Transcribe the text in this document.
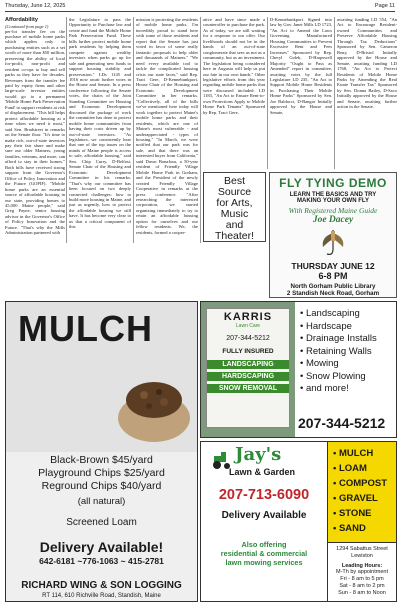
Thursday, June 12, 2025	Page 11
Affordability
(Continued from page 1)

per-lot transfer fee on the purchase of mobile home parks which applies only to purchasing entities such as a set worth of more than $50 million, preserving the ability of local for-profit, non-profit and resident co-ops to buy and sell parks as they have for decades. Revenues from the transfer fee paid by equity firms and other large-scale investor entities would go to a permanent 'Mobile Home Park Preservation Fund' to support residents at risk of displacement. "This bill helps protect affordable housing at a time when we need it most," said Sen. Bradstreet in remarks on the Senate floor. "It's time to make rich, out-of-state investors pay their fair share and make sure our older Mainers, young families, veterans, and more, can afford to stay in their homes." Both bills have received strong support from the Governor's Office of Policy Innovation and the Future (GOPIF). "Mobile home parks are an essential source of affordable housing in our state, providing homes to 45,000 Maine people," said Greg Payne, senior housing advisor in the Governor's Office of Policy Innovation and the Future. "That's why the Mills Administration partnered with

the Legislature to pass the Opportunity to Purchase law and create and fund the Mobile Home Park Preservation Fund. These bills further protect mobile home park residents by helping them compete against wealthy investors when parks go up for sale and generating new funds to support housing stability and preservation." LDs 1145 and 1016 now await further votes in the House and Senate. In a press conference following the Senate votes, the chairs of the Joint Standing Committee on Housing and Economic Development discussed the package of work the committee has done to protect mobile home communities from having their costs driven up by out-of-state investors. "As legislators, we consistently hear that one of the top issues on the minds of Maine people is access to safe, affordable housing," said Sen. Chip Curry, D-Belfast, Senate Chair of the Housing and Economic Development Committee in his remarks. "That's why our committee has been focused on two deeply connected challenges: how to build more housing in Maine, and just as urgently, how to protect the affordable housing we still have. It has become very clear to us that a critical component of this

mission is protecting the residents of mobile home parks. I'm incredibly proud to stand here with some of those residents and report that the Senate has just voted in favor of some really fantastic proposals to help older and thousands of Mainers." "We need every available tool to tackle the complicated housing crisis our state faces," said Rep. Traci Gere, D-Kennebunkport, House Chair of the Housing and Economic Development Committee in her remarks. "Collectively, all of the bills we've mentioned here today will work together to protect Maine's mobile home parks and their residents, which are one of Maine's most vulnerable - and underappreciated - types of housing." "In March, we were notified that our park was for sale, and that there was an interested buyer from California," said Dawn Bonafous, a 50-year resident of Friendly Village Mobile Home Park in Gorham, and the President of the newly created Friendly Village Cooperative in remarks at the press conference. "After researching the interested corporation, we started organizing immediately to try to retain an affordable housing option for ourselves and our fellow residents. We, the residents, formed a cooper-

ative and have since made a counteroffer to purchase the park. As of today, we are still waiting for a response to our offer. Our livelihoods should not be in the hands of an out-of-state conglomerate that sees us not as a community, but as an investment. The legislation being considered here in Augusta will help us put our fate in our own hands." Other legislative efforts from this year regarding mobile home parks that were discussed included: LD 1183, "An Act to Ensure Rent-to-own Protections Apply to Mobile Home Park Tenants" Sponsored by Rep. Traci Gere,

D-Kennebunkport Signed into law by Gov. Janet Mills LD 1723, "An Act to Amend the Laws Governing Manufactured Housing Communities to Prevent Excessive Rent and Fees Increases" Sponsored by Rep. Cheryl Golek, D-Harpswell Majority "Ought to Pass as Amended" report in committee, awaiting votes by the full Legislature LD 235, "An Act to Support Mobile Home Residents in Purchasing Their Mobile Home Parks" Sponsored by Sen. Joe Baldacci, D-Bangor Initially approved by the House and Senate,

awaiting funding LD 554, "An Act to Encourage Resident-owned Communities and Preserve Affordable Housing Through Tax Deductions" Sponsored by Sen. Cameron Reny, D-Bristol Initially approved by the House and Senate, awaiting funding LD 1768, "An Act to Protect Residents of Mobile Home Parks by Amending the Real Estate Transfer Tax" Sponsored by Sen. Donna Bailey, D-Saco Initially approved by the House and Senate, awaiting further action in the Senate.

Best
Source
for Arts,
Music
and
Theater!
FLY TYING DEMO
LEARN THE BASICS AND TRY
MAKING YOUR OWN FLY
With Registered Maine Guide
Joe Dacey
THURSDAY JUNE 12
6-8 PM
North Gorham Public Library
2 Standish Neck Road, Gorham
MULCH
Black-Brown $45/yard
Playground Chips $25/yard
Reground Chips $40/yard
(all natural)
Screened Loam
Delivery Available!
642-6181 ~776-1063 ~ 415-2781
RICHARD WING & SON LOGGING
RT 114, 610 Richville Road, Standish, Maine
KARRIS
Lawn Care
207-344-5212
FULLY INSURED
LANDSCAPING
HARDSCAPING
SNOW REMOVAL
• Landscaping
• Hardscape
• Drainage Installs
• Retaining Walls
• Mowing
• Snow Plowing
• and more!
207-344-5212
Jay's
Lawn & Garden
207-713-6090
Delivery Available
Also offering
residential & commercial
lawn mowing services
• MULCH
• LOAM
• COMPOST
• GRAVEL
• STONE
• SAND
1294 Sabattus Street
Lewiston
Leading Hours:
M-Th by appointment
Fri - 8 am to 5 pm
Sat - 8 am to 2 pm
Sun - 8 am to Noon
